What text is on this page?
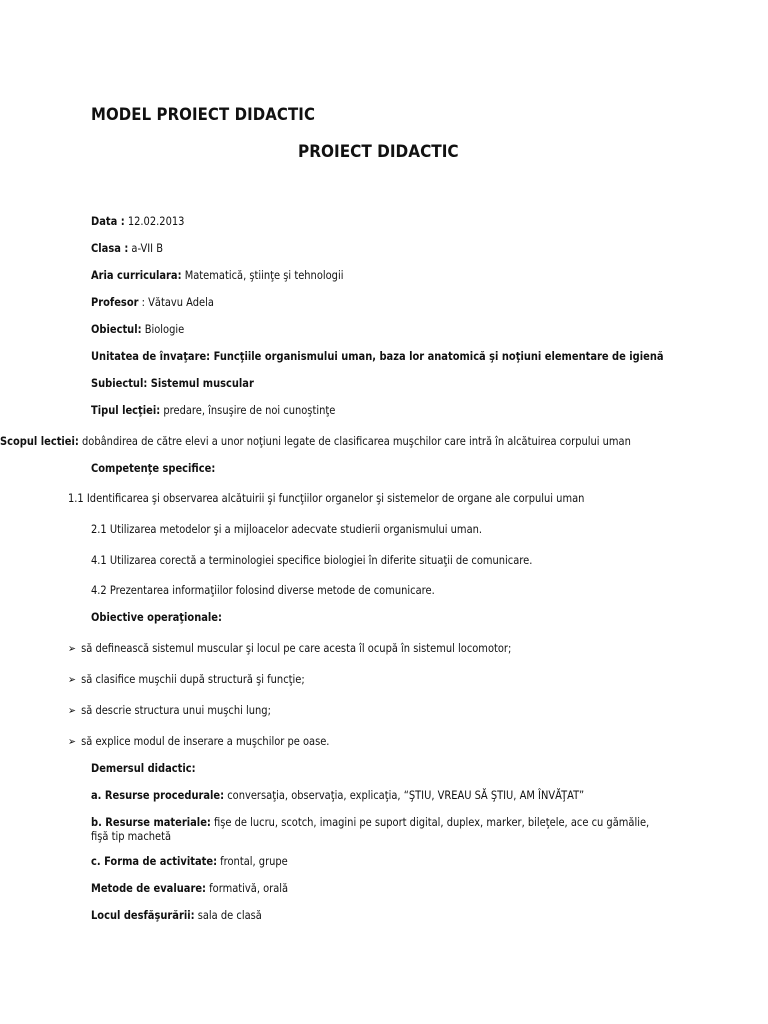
MODEL PROIECT DIDACTIC
PROIECT DIDACTIC
Data : 12.02.2013
Clasa : a-VII B
Aria curriculara: Matematică, ştiinţe şi tehnologii
Profesor : Vătavu Adela
Obiectul: Biologie
Unitatea de învaţare: Funcţiile organismului uman, baza lor anatomică şi noţiuni elementare de igienă
Subiectul: Sistemul muscular
Tipul lecţiei: predare, însuşire de noi cunoştinţe
Scopul lectiei: dobândirea de către elevi a unor noţiuni legate de clasificarea muşchilor care intră în alcătuirea corpului uman
Competenţe specifice:
1.1 Identificarea şi observarea alcătuirii şi funcţiilor organelor şi sistemelor de organe ale corpului uman
2.1 Utilizarea metodelor şi a mijloacelor adecvate studierii organismului uman.
4.1 Utilizarea corectă a terminologiei specifice biologiei în diferite situaţii de comunicare.
4.2 Prezentarea informaţiilor folosind diverse metode de comunicare.
Obiective operaţionale:
➢ să definească sistemul muscular şi locul pe care acesta îl ocupă în sistemul locomotor;
➢ să clasifice muşchii după structură şi funcţie;
➢ să descrie structura unui muşchi lung;
➢ să explice modul de inserare a muşchilor pe oase.
Demersul didactic:
a. Resurse procedurale: conversaţia, observaţia, explicaţia, “ŞTIU, VREAU SĂ ŞTIU, AM ÎNVĂŢAT”
b. Resurse materiale: fişe de lucru, scotch, imagini pe suport digital, duplex, marker, bileţele, ace cu gămălie, fişă tip machetă
c. Forma de activitate: frontal, grupe
Metode de evaluare: formativă, orală
Locul desfăşurării: sala de clasă
